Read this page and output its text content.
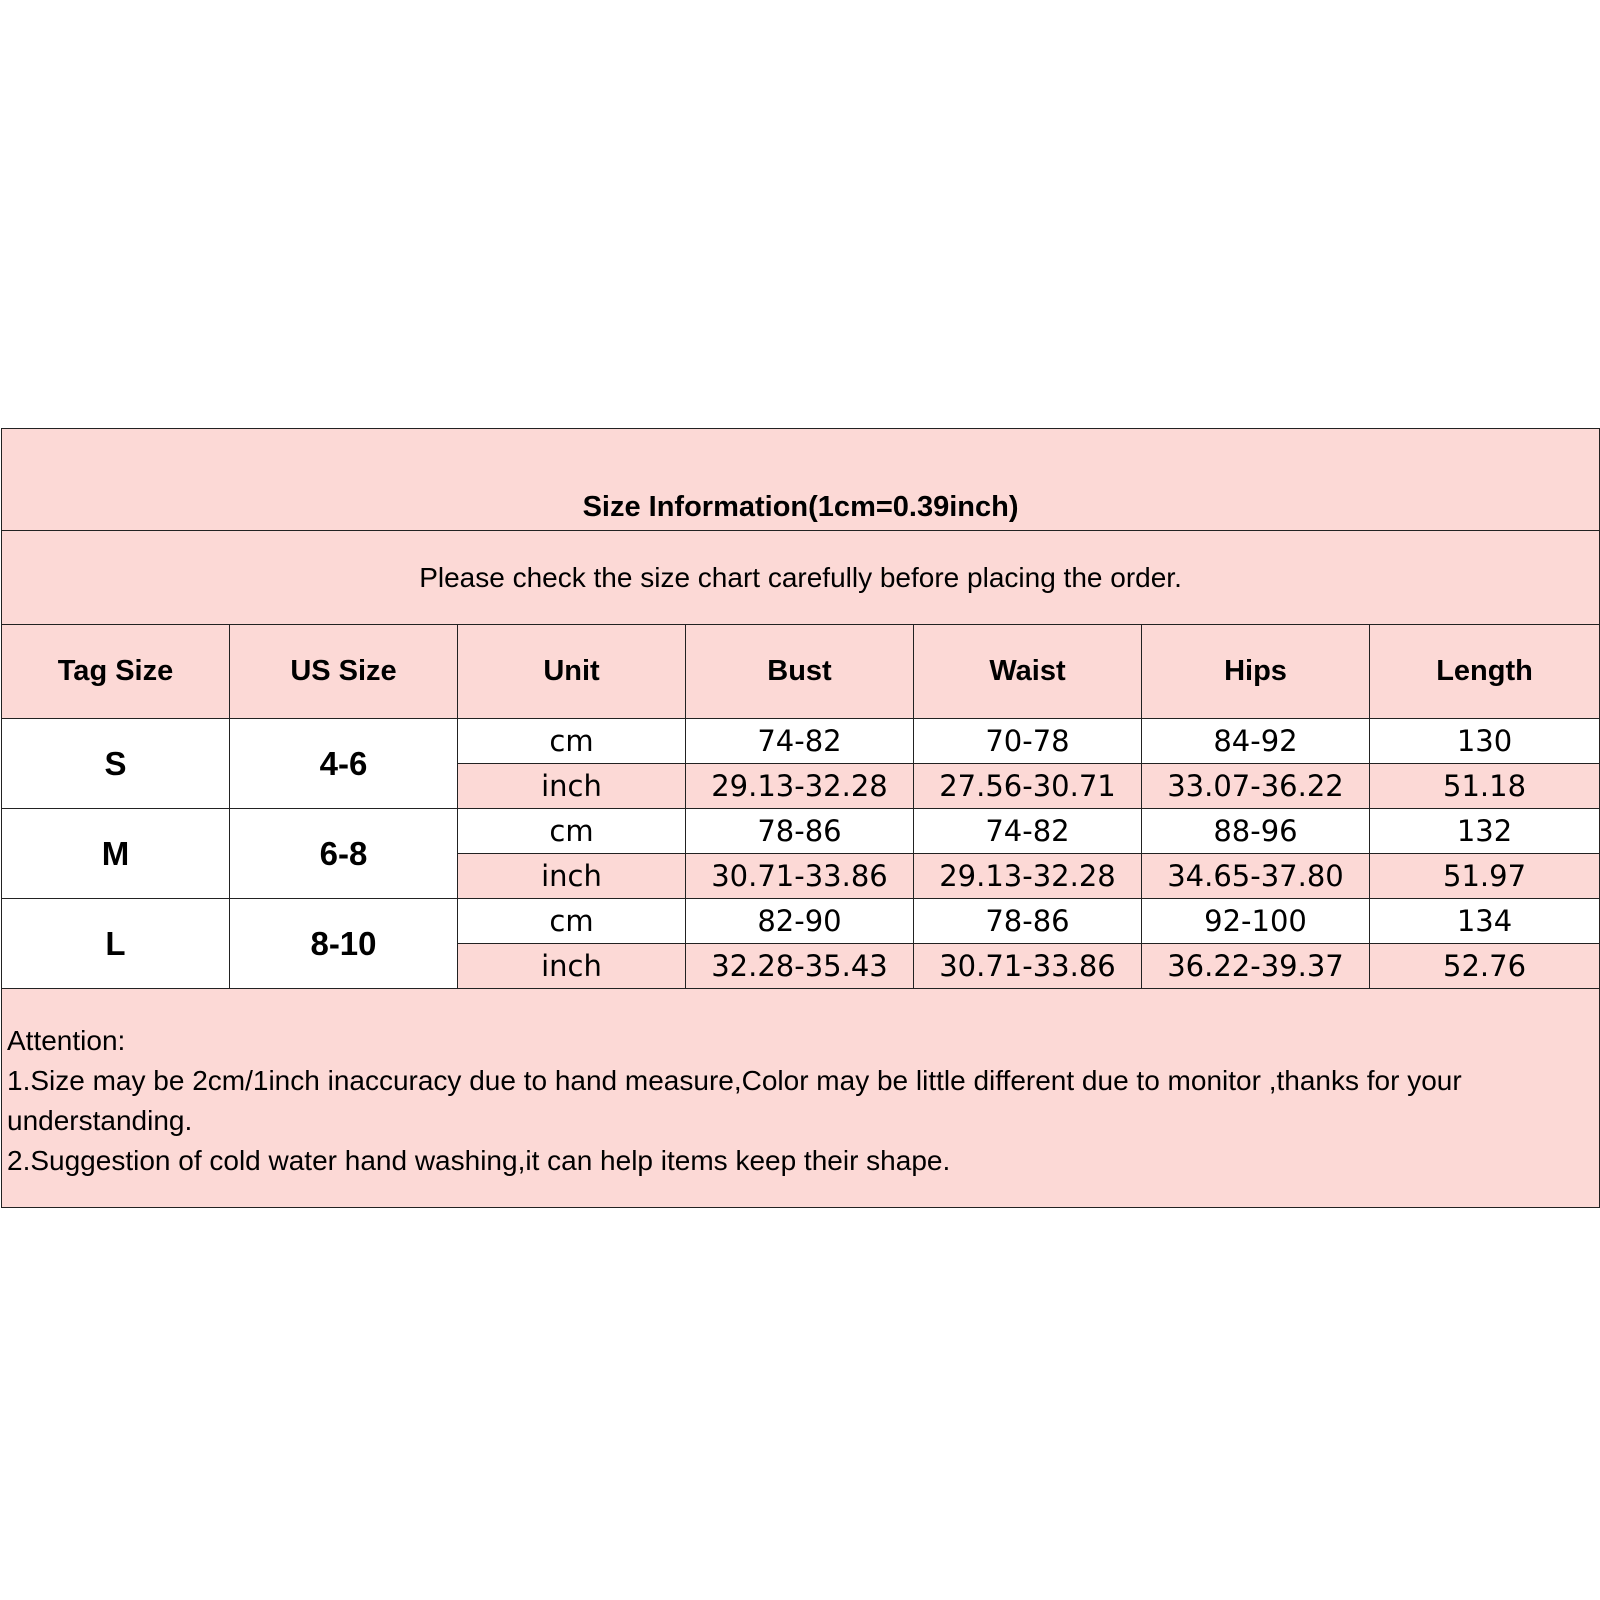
Size Information(1cm=0.39inch)						
Please check the size chart carefully before placing the order.						
Tag Size	US Size	Unit	Bust	Waist	Hips	Length
S	4-6	cm	74-82	70-78	84-92	130
		inch	29.13-32.28	27.56-30.71	33.07-36.22	51.18
M	6-8	cm	78-86	74-82	88-96	132
		inch	30.71-33.86	29.13-32.28	34.65-37.80	51.97
L	8-10	cm	82-90	78-86	92-100	134
		inch	32.28-35.43	30.71-33.86	36.22-39.37	52.76

Attention:
1.Size may be 2cm/1inch inaccuracy due to hand measure,Color may be little different due to monitor ,thanks for your understanding.
2.Suggestion of cold water hand washing,it can help items keep their shape.						
